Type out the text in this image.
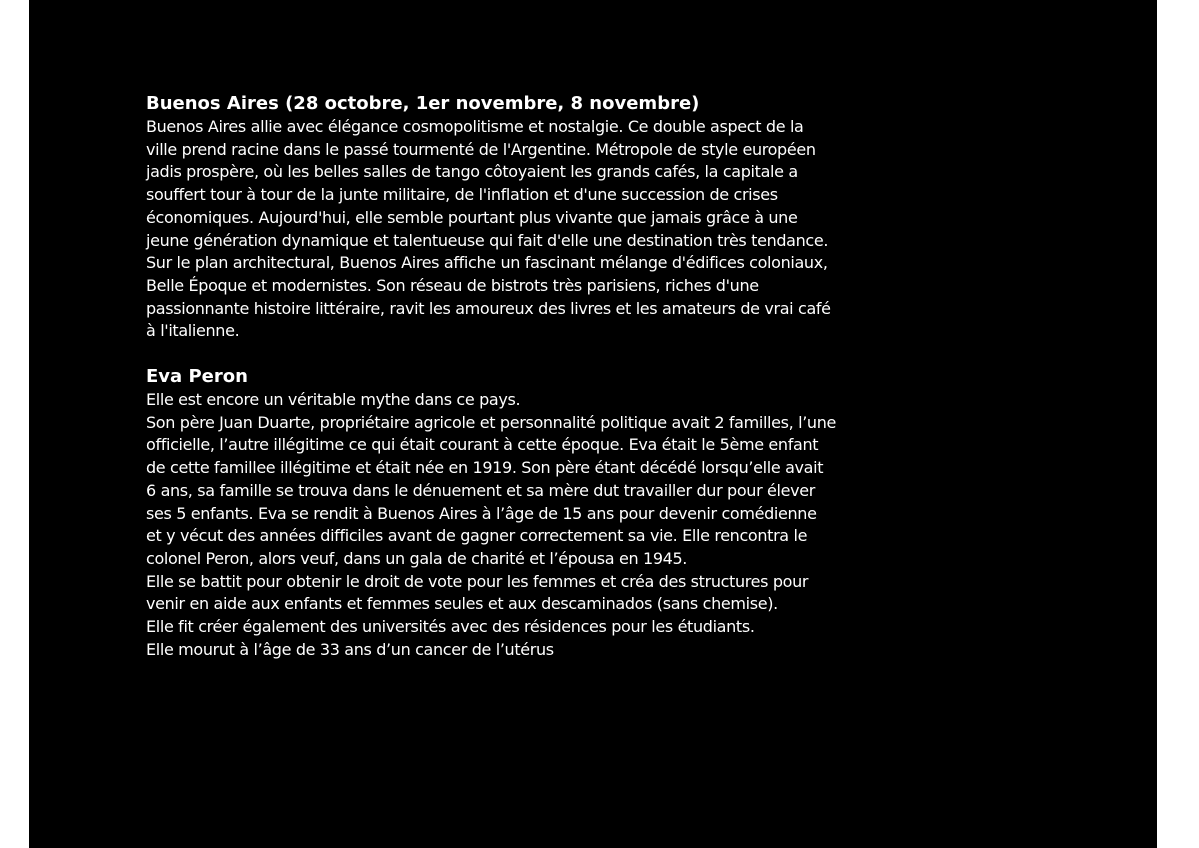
Buenos Aires (28 octobre, 1er novembre, 8 novembre)

Buenos Aires allie avec élégance cosmopolitisme et nostalgie. Ce double aspect de la ville prend racine dans le passé tourmenté de l'Argentine. Métropole de style européen jadis prospère, où les belles salles de tango côtoyaient les grands cafés, la capitale a souffert tour à tour de la junte militaire, de l'inflation et d'une succession de crises économiques. Aujourd'hui, elle semble pourtant plus vivante que jamais grâce à une jeune génération dynamique et talentueuse qui fait d'elle une destination très tendance.

Sur le plan architectural, Buenos Aires affiche un fascinant mélange d'édifices coloniaux, Belle Époque et modernistes. Son réseau de bistrots très parisiens, riches d'une passionnante histoire littéraire, ravit les amoureux des livres et les amateurs de vrai café à l'italienne.

Eva Peron

Elle est encore un véritable mythe dans ce pays.

Son père Juan Duarte, propriétaire agricole et personnalité politique avait 2 familles, l’une officielle, l’autre illégitime ce qui était courant à cette époque. Eva était le 5ème enfant de cette famillee illégitime et était née en 1919. Son père étant décédé lorsqu’elle avait 6 ans, sa famille se trouva dans le dénuement et sa mère dut travailler dur pour élever ses 5 enfants. Eva se rendit à Buenos Aires à l’âge de 15 ans pour devenir comédienne et y vécut des années difficiles avant de gagner correctement sa vie. Elle rencontra le colonel Peron, alors veuf, dans un gala de charité et l’épousa en 1945.

Elle se battit pour obtenir le droit de vote pour les femmes et créa des structures pour venir en aide aux enfants et femmes seules et aux descaminados (sans chemise).

Elle fit créer également des universités avec des résidences pour les étudiants.

Elle mourut à l’âge de 33 ans d’un cancer de l’utérus
